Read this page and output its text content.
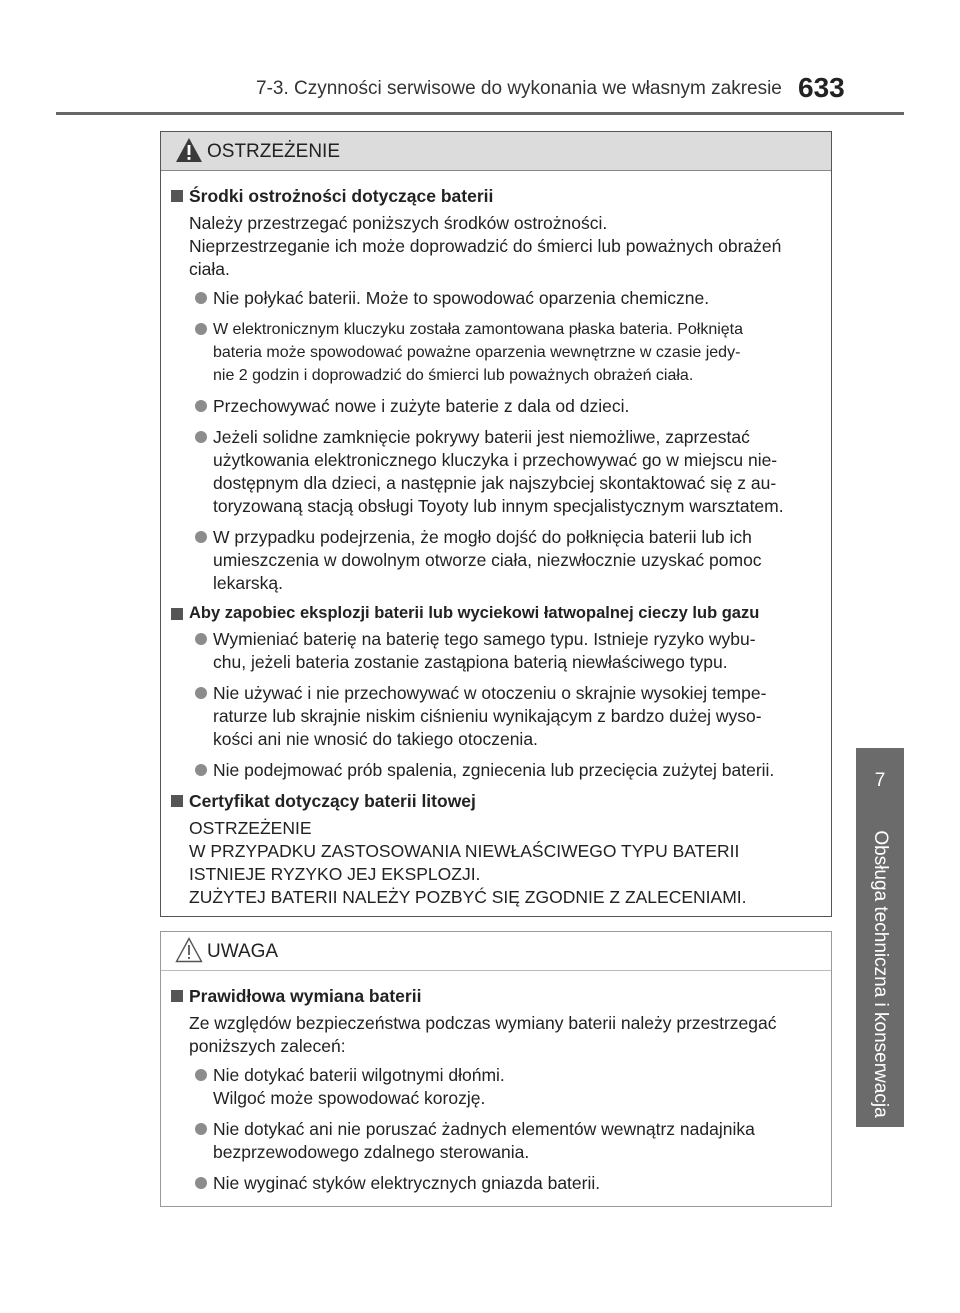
7-3. Czynności serwisowe do wykonania we własnym zakresie 633
7
Obsługa techniczna i konserwacja
OSTRZEŻENIE
Środki ostrożności dotyczące baterii
Należy przestrzegać poniższych środków ostrożności.
Nieprzestrzeganie ich może doprowadzić do śmierci lub poważnych obrażeń
ciała.
Nie połykać baterii. Może to spowodować oparzenia chemiczne.
W elektronicznym kluczyku została zamontowana płaska bateria. Połknięta
bateria może spowodować poważne oparzenia wewnętrzne w czasie jedy-
nie 2 godzin i doprowadzić do śmierci lub poważnych obrażeń ciała.
Przechowywać nowe i zużyte baterie z dala od dzieci.
Jeżeli solidne zamknięcie pokrywy baterii jest niemożliwe, zaprzestać
użytkowania elektronicznego kluczyka i przechowywać go w miejscu nie-
dostępnym dla dzieci, a następnie jak najszybciej skontaktować się z au-
toryzowaną stacją obsługi Toyoty lub innym specjalistycznym warsztatem.
W przypadku podejrzenia, że mogło dojść do połknięcia baterii lub ich
umieszczenia w dowolnym otworze ciała, niezwłocznie uzyskać pomoc
lekarską.
Aby zapobiec eksplozji baterii lub wyciekowi łatwopalnej cieczy lub gazu
Wymieniać baterię na baterię tego samego typu. Istnieje ryzyko wybu-
chu, jeżeli bateria zostanie zastąpiona baterią niewłaściwego typu.
Nie używać i nie przechowywać w otoczeniu o skrajnie wysokiej tempe-
raturze lub skrajnie niskim ciśnieniu wynikającym z bardzo dużej wyso-
kości ani nie wnosić do takiego otoczenia.
Nie podejmować prób spalenia, zgniecenia lub przecięcia zużytej baterii.
Certyfikat dotyczący baterii litowej
OSTRZEŻENIE
W PRZYPADKU ZASTOSOWANIA NIEWŁAŚCIWEGO TYPU BATERII
ISTNIEJE RYZYKO JEJ EKSPLOZJI.
ZUŻYTEJ BATERII NALEŻY POZBYĆ SIĘ ZGODNIE Z ZALECENIAMI.
UWAGA
Prawidłowa wymiana baterii
Ze względów bezpieczeństwa podczas wymiany baterii należy przestrzegać
poniższych zaleceń:
Nie dotykać baterii wilgotnymi dłońmi.
Wilgoć może spowodować korozję.
Nie dotykać ani nie poruszać żadnych elementów wewnątrz nadajnika
bezprzewodowego zdalnego sterowania.
Nie wyginać styków elektrycznych gniazda baterii.
